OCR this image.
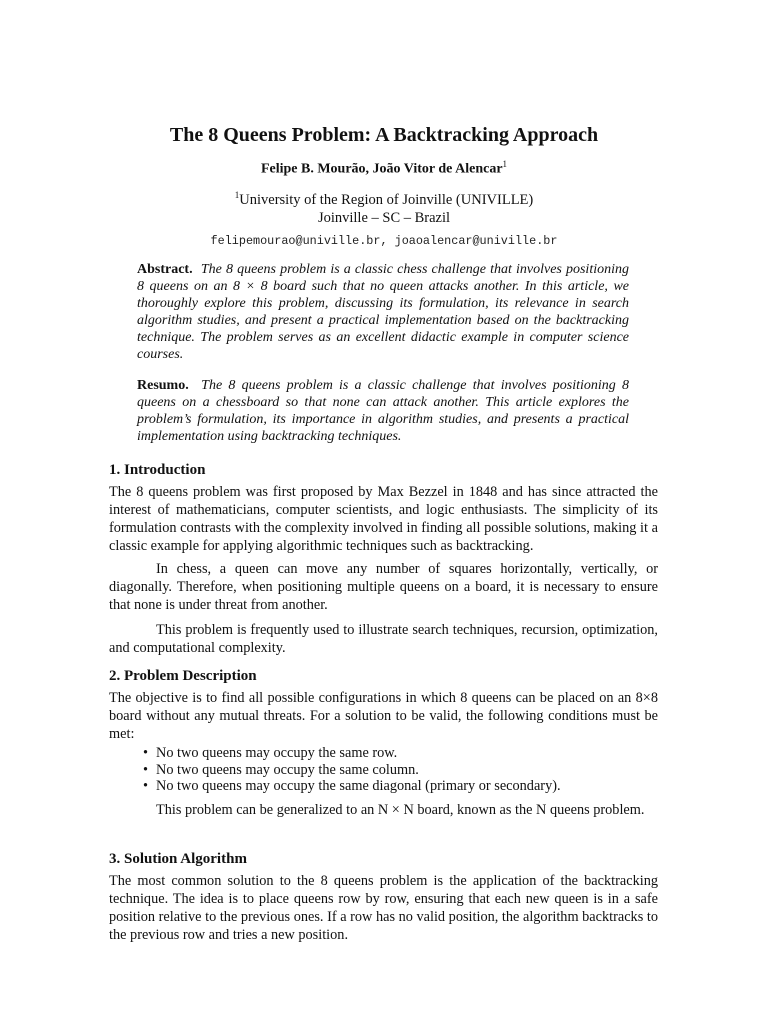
The 8 Queens Problem: A Backtracking Approach
Felipe B. Mourão, João Vitor de Alencar$^1$
$^1$University of the Region of Joinville (UNIVILLE)
Joinville – SC – Brazil
felipemourao@univille.br, joaoalencar@univille.br
Abstract. The 8 queens problem is a classic chess challenge that involves positioning 8 queens on an 8 × 8 board such that no queen attacks another. In this article, we thoroughly explore this problem, discussing its formulation, its relevance in search algorithm studies, and present a practical implementation based on the backtracking technique. The problem serves as an excellent didactic example in computer science courses.
Resumo. The 8 queens problem is a classic challenge that involves positioning 8 queens on a chessboard so that none can attack another. This article explores the problem’s formulation, its importance in algorithm studies, and presents a practical implementation using backtracking techniques.
1. Introduction

The 8 queens problem was first proposed by Max Bezzel in 1848 and has since attracted the interest of mathematicians, computer scientists, and logic enthusiasts. The simplicity of its formulation contrasts with the complexity involved in finding all possible solutions, making it a classic example for applying algorithmic techniques such as backtracking.

In chess, a queen can move any number of squares horizontally, vertically, or diagonally. Therefore, when positioning multiple queens on a board, it is necessary to ensure that none is under threat from another.

This problem is frequently used to illustrate search techniques, recursion, optimization, and computational complexity.

2. Problem Description

The objective is to find all possible configurations in which 8 queens can be placed on an 8×8 board without any mutual threats. For a solution to be valid, the following conditions must be met:

• No two queens may occupy the same row.
• No two queens may occupy the same column.
• No two queens may occupy the same diagonal (primary or secondary).

This problem can be generalized to an N × N board, known as the N queens problem.

3. Solution Algorithm

The most common solution to the 8 queens problem is the application of the backtracking technique. The idea is to place queens row by row, ensuring that each new queen is in a safe position relative to the previous ones. If a row has no valid position, the algorithm backtracks to the previous row and tries a new position.
